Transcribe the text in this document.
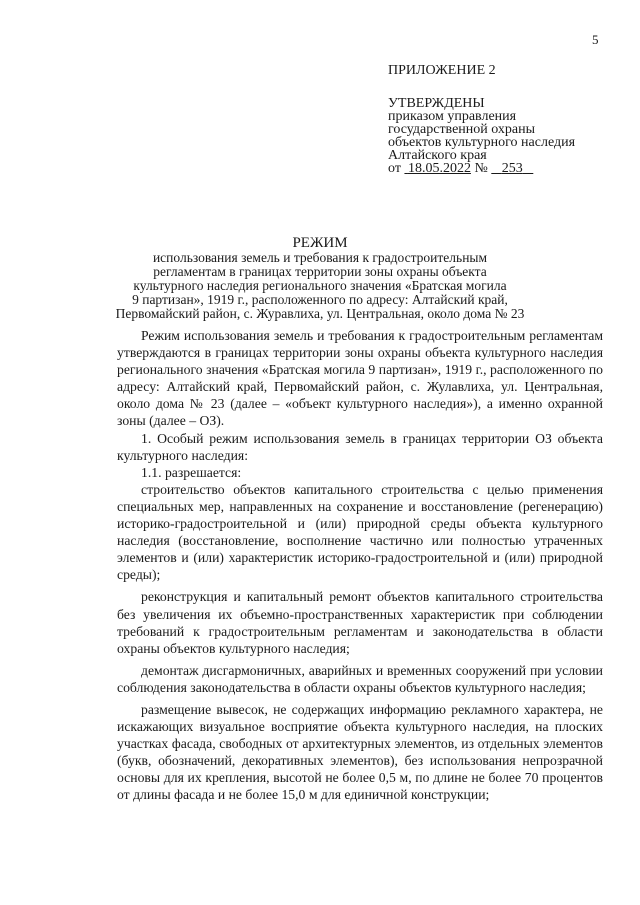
5
ПРИЛОЖЕНИЕ 2
УТВЕРЖДЕНЫ
приказом управления
государственной охраны
объектов культурного наследия
Алтайского края
от 18.05.2022 № 253
РЕЖИМ
использования земель и требования к градостроительным
регламентам в границах территории зоны охраны объекта
культурного наследия регионального значения «Братская могила
9 партизан», 1919 г., расположенного по адресу: Алтайский край,
Первомайский район, с. Журавлиха, ул. Центральная, около дома № 23

Режим использования земель и требования к градостроительным регламентам утверждаются в границах территории зоны охраны объекта культурного наследия регионального значения «Братская могила 9 партизан», 1919 г., расположенного по адресу: Алтайский край, Первомайский район, с. Жулавлиха, ул. Центральная, около дома № 23 (далее – «объект культурного наследия»), а именно охранной зоны (далее – ОЗ).

1. Особый режим использования земель в границах территории ОЗ объекта культурного наследия:

1.1. разрешается:

строительство объектов капитального строительства с целью применения специальных мер, направленных на сохранение и восстановление (регенерацию) историко-градостроительной и (или) природной среды объекта культурного наследия (восстановление, восполнение частично или полностью утраченных элементов и (или) характеристик историко-градостроительной и (или) природной среды);

реконструкция и капитальный ремонт объектов капитального строительства без увеличения их объемно-пространственных характеристик при соблюдении требований к градостроительным регламентам и законодательства в области охраны объектов культурного наследия;

демонтаж дисгармоничных, аварийных и временных сооружений при условии соблюдения законодательства в области охраны объектов культурного наследия;

размещение вывесок, не содержащих информацию рекламного характера, не искажающих визуальное восприятие объекта культурного наследия, на плоских участках фасада, свободных от архитектурных элементов, из отдельных элементов (букв, обозначений, декоративных элементов), без использования непрозрачной основы для их крепления, высотой не более 0,5 м, по длине не более 70 процентов от длины фасада и не более 15,0 м для единичной конструкции;
